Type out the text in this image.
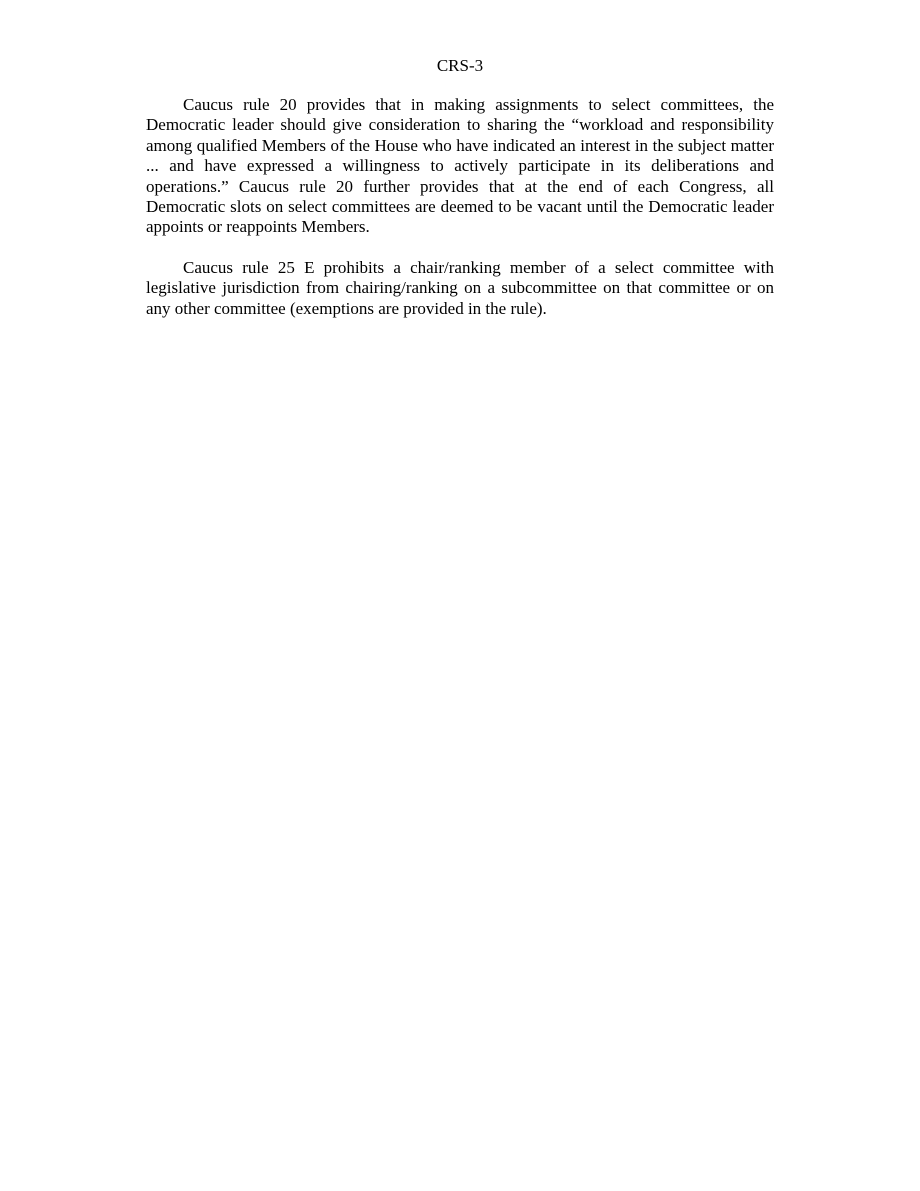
CRS-3

Caucus rule 20 provides that in making assignments to select committees, the Democratic leader should give consideration to sharing the “workload and responsibility among qualified Members of the House who have indicated an interest in the subject matter ... and have expressed a willingness to actively participate in its deliberations and operations.” Caucus rule 20 further provides that at the end of each Congress, all Democratic slots on select committees are deemed to be vacant until the Democratic leader appoints or reappoints Members.

Caucus rule 25 E prohibits a chair/ranking member of a select committee with legislative jurisdiction from chairing/ranking on a subcommittee on that committee or on any other committee (exemptions are provided in the rule).
